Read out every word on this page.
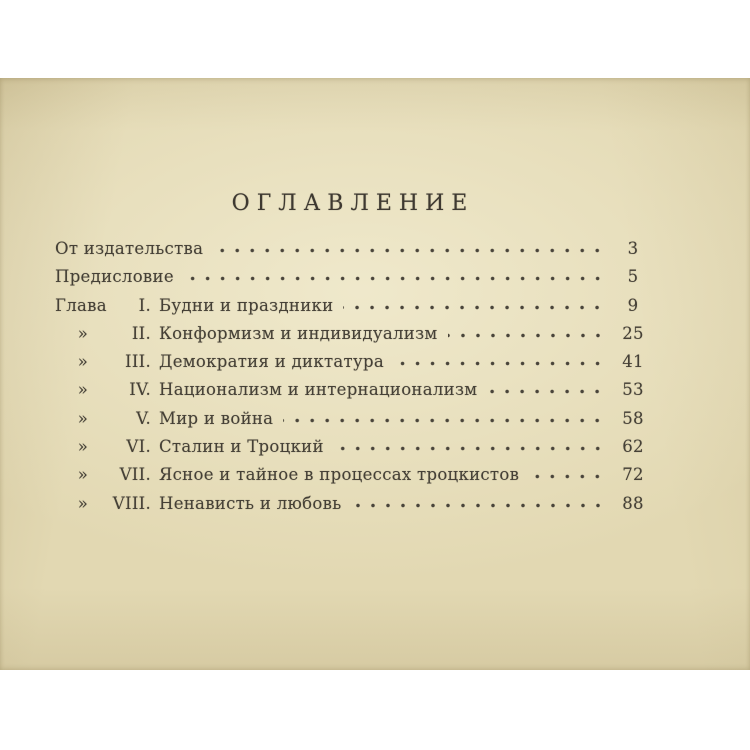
ОГЛАВЛЕНИЕ
От издательства	3
Предисловие	5
Глава	I. Будни и праздники	9
»	II. Конформизм и индивидуализм	25
»	III. Демократия и диктатура	41
»	IV. Национализм и интернационализм	53
»	V. Мир и война	58
»	VI. Сталин и Троцкий	62
»	VII. Ясное и тайное в процессах троцкистов	72
»	VIII. Ненависть и любовь	88
